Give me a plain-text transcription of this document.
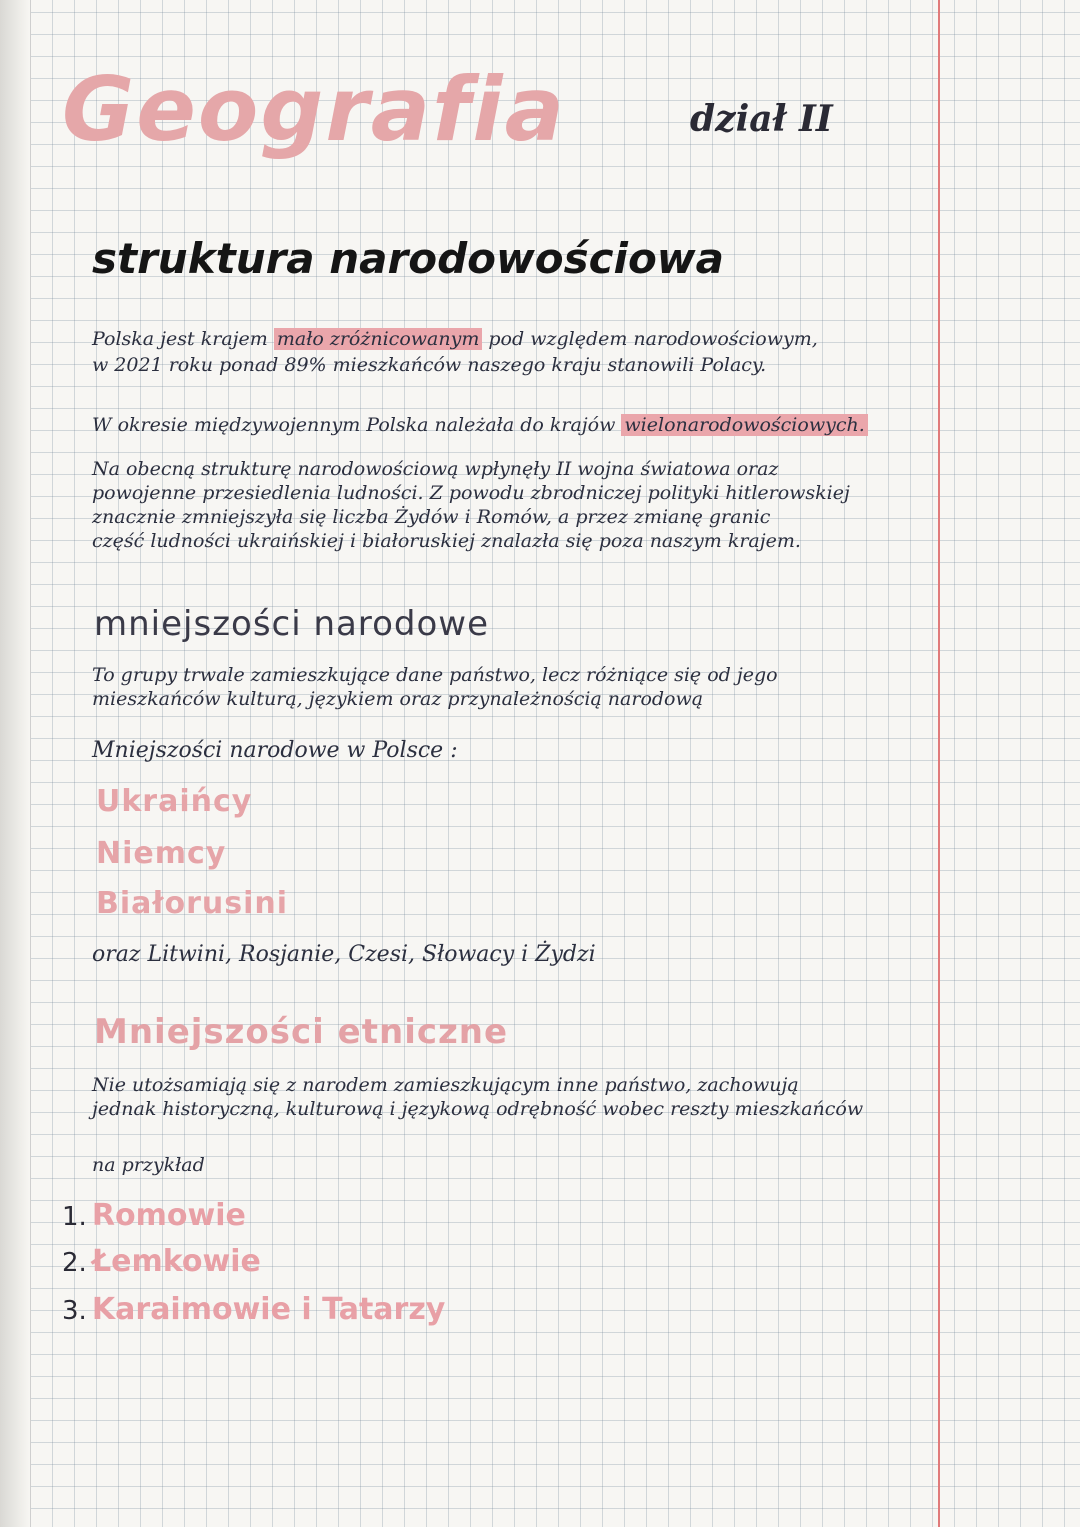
Geografia	dział II
struktura narodowościowa
Polska jest krajem mało zróżnicowanym pod względem narodowościowym,
w 2021 roku ponad 89% mieszkańców naszego kraju stanowili Polacy.
W okresie międzywojennym Polska należała do krajów wielonarodowościowych.
Na obecną strukturę narodowościową wpłynęły II wojna światowa oraz
powojenne przesiedlenia ludności. Z powodu zbrodniczej polityki hitlerowskiej
znacznie zmniejszyła się liczba Żydów i Romów, a przez zmianę granic
część ludności ukraińskiej i białoruskiej znalazła się poza naszym krajem.
mniejszości narodowe
To grupy trwale zamieszkujące dane państwo, lecz różniące się od jego
mieszkańców kulturą, językiem oraz przynależnością narodową
Mniejszości narodowe w Polsce :
Ukraińcy
Niemcy
Białorusini
oraz Litwini, Rosjanie, Czesi, Słowacy i Żydzi
Mniejszości etniczne
Nie utożsamiają się z narodem zamieszkującym inne państwo, zachowują
jednak historyczną, kulturową i językową odrębność wobec reszty mieszkańców
na przykład
1. Romowie
2. Łemkowie
3. Karaimowie i Tatarzy
